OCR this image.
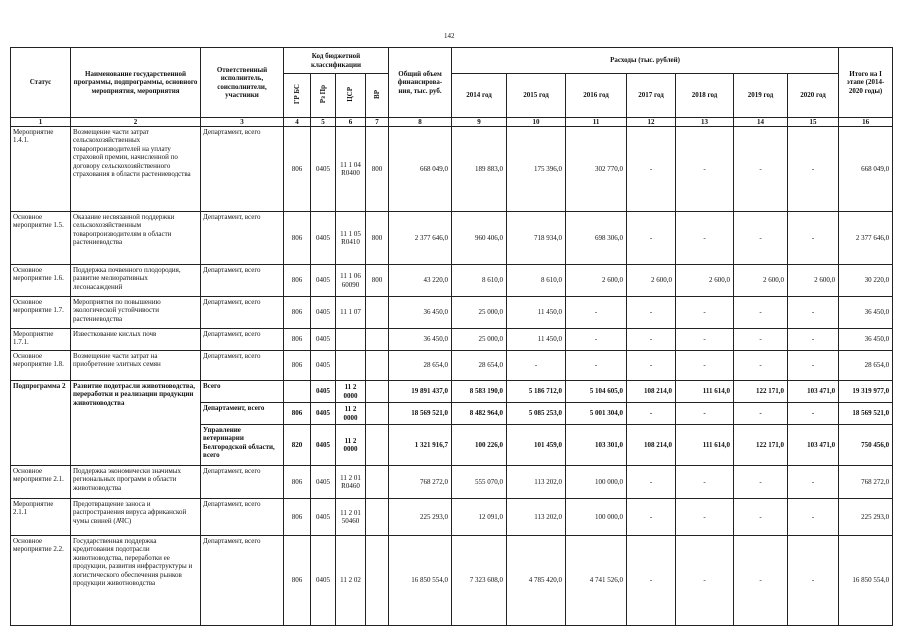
142
Статус	Наименование государственной программы, подпрограммы, основного мероприятия, мероприятия	Ответственный исполнитель, соисполнители, участники	Код бюджетной классификации				Общий объем финансирова- ния, тыс. руб.	Расходы (тыс. рублей)							Итого на I этапе (2014-2020 годы)
			ГР БС	Рз Пр	ЦСР	ВР		2014 год	2015 год	2016 год	2017 год	2018 год	2019 год	2020 год	
1	2	3	4	5	6	7	8	9	10	11	12	13	14	15	16
Мероприятие 1.4.1.	Возмещение части затрат сельскохозяйственных товаропроизводителей на уплату страховой премии, начисленной по договору сельскохозяйственного страхования в области растениеводства	Департамент, всего	806	0405	11 1 04 R0400	800	668 049,0	189 883,0	175 396,0	302 770,0	-	-	-	-	668 049,0
Основное мероприятие 1.5.	Оказание несвязанной поддержки сельскохозяйственным товаропроизводителям в области растениеводства	Департамент, всего	806	0405	11 1 05 R0410	800	2 377 646,0	960 406,0	718 934,0	698 306,0	-	-	-	-	2 377 646,0
Основное мероприятие 1.6.	Поддержка почвенного плодородия, развитие мелиоративных лесонасаждений	Департамент, всего	806	0405	11 1 06 60090	800	43 220,0	8 610,0	8 610,0	2 600,0	2 600,0	2 600,0	2 600,0	2 600,0	30 220,0
Основное мероприятие 1.7.	Мероприятия по повышению экологической устойчивости растениеводства	Департамент, всего	806	0405	11 1 07		36 450,0	25 000,0	11 450,0	-	-	-	-	-	36 450,0
Мероприятие 1.7.1.	Известкование кислых почв	Департамент, всего	806	0405			36 450,0	25 000,0	11 450,0	-	-	-	-	-	36 450,0
Основное мероприятие 1.8.	Возмещение части затрат на приобретение элитных семян	Департамент, всего	806	0405			28 654,0	28 654,0	-	-	-	-	-	-	28 654,0
Подпрограмма 2	Развитие подотрасли животноводства, переработки и реализации продукции животноводства	Всего		0405	11 2 0000		19 891 437,0	8 583 190,0	5 186 712,0	5 104 605,0	108 214,0	111 614,0	122 171,0	103 471,0	19 319 977,0
		Департамент, всего	806	0405	11 2 0000		18 569 521,0	8 482 964,0	5 085 253,0	5 001 304,0	-	-	-	-	18 569 521,0
		Управление ветеринарии Белгородской области, всего	820	0405	11 2 0000		1 321 916,7	100 226,0	101 459,0	103 301,0	108 214,0	111 614,0	122 171,0	103 471,0	750 456,0
Основное мероприятие 2.1.	Поддержка экономически значимых региональных программ в области животноводства	Департамент, всего	806	0405	11 2 01 R0460		768 272,0	555 070,0	113 202,0	100 000,0	-	-	-	-	768 272,0
Мероприятие 2.1.1	Предотвращение заноса и распространения вируса африканской чумы свиней (АЧС)	Департамент, всего	806	0405	11 2 01 50460		225 293,0	12 091,0	113 202,0	100 000,0	-	-	-	-	225 293,0
Основное мероприятие 2.2.	Государственная поддержка кредитования подотрасли животноводства, переработки ее продукции, развития инфраструктуры и логистического обеспечения рынков продукции животноводства	Департамент, всего	806	0405	11 2 02		16 850 554,0	7 323 608,0	4 785 420,0	4 741 526,0	-	-	-	-	16 850 554,0
